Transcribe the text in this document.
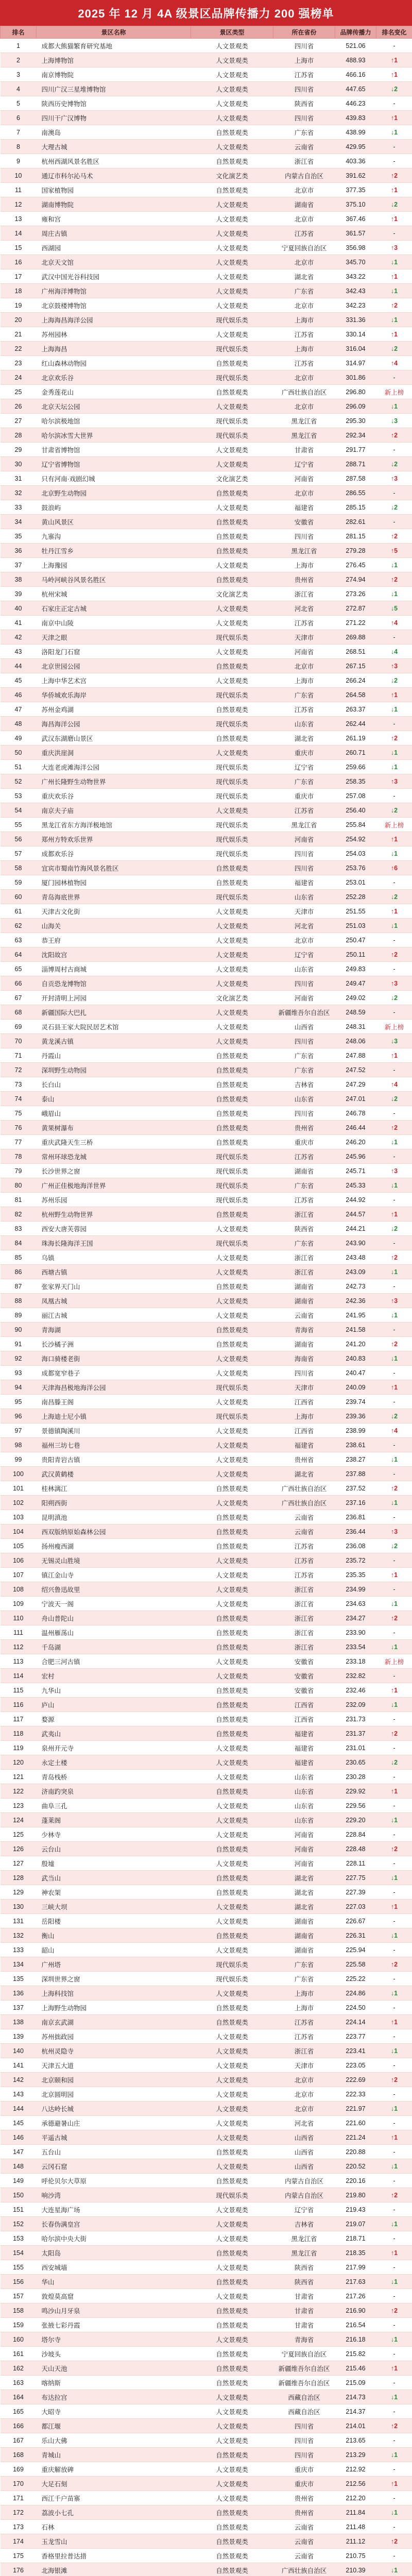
2025 年 12 月 4A 级景区品牌传播力 200 强榜单
排名	景区名称	景区类型	所在省份	品牌传播力	排名变化
1	成都大熊猫繁育研究基地	人文景观类	四川省	521.06	-
2	上海博物馆	人文景观类	上海市	488.93	↑1
3	南京博物院	人文景观类	江苏省	466.16	↑1
4	四川广汉三星堆博物馆	人文景观类	四川省	447.65	↓2
5	陕西历史博物馆	人文景观类	陕西省	446.23	-
6	四川干广汉博物	人文景观类	四川省	439.83	↑1
7	南澳岛	自然景观类	广东省	438.99	↓1
8	大理古城	人文景观类	云南省	429.95	-
9	杭州西湖风景名胜区	自然景观类	浙江省	403.36	-
10	通辽市科尔沁马术	文化演艺类	内蒙古自治区	391.62	↑2
11	国家植物园	自然景观类	北京市	377.35	↑1
12	湖南博物院	人文景观类	湖南省	375.10	↓2
13	雍和宫	人文景观类	北京市	367.46	↑1
14	周庄古镇	人文景观类	江苏省	361.57	-
15	西湖园	人文景观类	宁夏回族自治区	356.98	↑3
16	北京天文馆	人文景观类	北京市	345.70	↓1
17	武汉中国光谷科技园	人文景观类	湖北省	343.22	↑1
18	广州海洋博物馆	人文景观类	广东省	342.43	↓1
19	北京鼓楼博物馆	人文景观类	北京市	342.23	↑2
20	上海海昌海洋公园	现代娱乐类	上海市	331.36	↓1
21	苏州园林	人文景观类	江苏省	330.14	↑1
22	上海海昌	现代娱乐类	上海市	316.04	↓2
23	红山森林动物园	自然景观类	江苏省	314.97	↑4
24	北京欢乐谷	现代娱乐类	北京市	301.86	-
25	金秀莲花山	自然景观类	广西壮族自治区	296.80	新上榜
26	北京天坛公园	人文景观类	北京市	296.09	↓1
27	哈尔滨极地馆	现代娱乐类	黑龙江省	295.30	↓3
28	哈尔滨冰雪大世界	现代娱乐类	黑龙江省	292.34	↑2
29	甘肃省博物馆	人文景观类	甘肃省	291.77	-
30	辽宁省博物馆	人文景观类	辽宁省	288.71	↓2
31	只有河南·戏剧幻城	文化演艺类	河南省	287.58	↑3
32	北京野生动物园	自然景观类	北京市	286.55	-
33	鼓浪屿	人文景观类	福建省	285.15	↓2
34	黄山风景区	自然景观类	安徽省	282.61	-
35	九寨沟	自然景观类	四川省	281.15	↑2
36	牡丹江雪乡	自然景观类	黑龙江省	279.28	↑5
37	上海豫园	人文景观类	上海市	276.45	↓1
38	马岭河峡谷风景名胜区	自然景观类	贵州省	274.94	↑2
39	杭州宋城	文化演艺类	浙江省	273.26	↓1
40	石家庄正定古城	人文景观类	河北省	272.87	↓5
41	南京中山陵	人文景观类	江苏省	271.22	↑4
42	天津之眼	现代娱乐类	天津市	269.88	-
43	洛阳龙门石窟	人文景观类	河南省	268.51	↓4
44	北京世园公园	自然景观类	北京市	267.15	↑3
45	上海中华艺术宫	人文景观类	上海市	266.24	↓2
46	华侨城欢乐海岸	现代娱乐类	广东省	264.58	↑1
47	苏州金鸡湖	自然景观类	江苏省	263.37	↓1
48	海昌海洋公园	现代娱乐类	山东省	262.44	-
49	武汉东湖磨山景区	自然景观类	湖北省	261.19	↑2
50	重庆洪崖洞	人文景观类	重庆市	260.71	↓1
51	大连老虎滩海洋公园	现代娱乐类	辽宁省	259.66	↓1
52	广州长隆野生动物世界	现代娱乐类	广东省	258.35	↑3
53	重庆欢乐谷	现代娱乐类	重庆市	257.08	-
54	南京夫子庙	人文景观类	江苏省	256.40	↓2
55	黑龙江省东方海洋极地馆	现代娱乐类	黑龙江省	255.84	新上榜
56	郑州方特欢乐世界	现代娱乐类	河南省	254.92	↑1
57	成都欢乐谷	现代娱乐类	四川省	254.03	↓1
58	宜宾市蜀南竹海风景名胜区	自然景观类	四川省	253.76	↑6
59	厦门园林植物园	自然景观类	福建省	253.01	-
60	青岛海底世界	现代娱乐类	山东省	252.28	↓2
61	天津古文化街	人文景观类	天津市	251.55	↑1
62	山海关	人文景观类	河北省	251.03	↓1
63	恭王府	人文景观类	北京市	250.47	-
64	沈阳故宫	人文景观类	辽宁省	250.11	↑2
65	淄博周村古商城	人文景观类	山东省	249.83	-
66	自贡恐龙博物馆	人文景观类	四川省	249.47	↑3
67	开封清明上河园	文化演艺类	河南省	249.02	↓2
68	新疆国际大巴扎	人文景观类	新疆维吾尔自治区	248.59	-
69	灵石县王家大院民居艺术馆	人文景观类	山西省	248.31	新上榜
70	黄龙溪古镇	人文景观类	四川省	248.06	↓3
71	丹霞山	自然景观类	广东省	247.88	↑1
72	深圳野生动物园	自然景观类	广东省	247.52	-
73	长白山	自然景观类	吉林省	247.29	↑4
74	泰山	自然景观类	山东省	247.01	↓2
75	峨眉山	自然景观类	四川省	246.78	-
76	黄果树瀑布	自然景观类	贵州省	246.44	↑2
77	重庆武隆天生三桥	自然景观类	重庆市	246.20	↓1
78	常州环球恐龙城	现代娱乐类	江苏省	245.96	-
79	长沙世界之窗	现代娱乐类	湖南省	245.71	↑3
80	广州正佳极地海洋世界	现代娱乐类	广东省	245.33	↓1
81	苏州乐园	现代娱乐类	江苏省	244.92	-
82	杭州野生动物世界	自然景观类	浙江省	244.57	↑1
83	西安大唐芙蓉园	人文景观类	陕西省	244.21	↓2
84	珠海长隆海洋王国	现代娱乐类	广东省	243.90	-
85	乌镇	人文景观类	浙江省	243.48	↑2
86	西塘古镇	人文景观类	浙江省	243.09	↓1
87	张家界天门山	自然景观类	湖南省	242.73	-
88	凤凰古城	人文景观类	湖南省	242.36	↑3
89	丽江古城	人文景观类	云南省	241.95	↓1
90	青海湖	自然景观类	青海省	241.58	-
91	长沙橘子洲	自然景观类	湖南省	241.20	↑2
92	海口骑楼老街	人文景观类	海南省	240.83	↓1
93	成都宽窄巷子	人文景观类	四川省	240.47	-
94	天津海昌极地海洋公园	现代娱乐类	天津市	240.09	↑1
95	南昌滕王阁	人文景观类	江西省	239.74	-
96	上海迪士尼小镇	现代娱乐类	上海市	239.36	↓2
97	景德镇陶溪川	人文景观类	江西省	238.99	↑4
98	福州三坊七巷	人文景观类	福建省	238.61	-
99	贵阳青岩古镇	人文景观类	贵州省	238.27	↓1
100	武汉黄鹤楼	人文景观类	湖北省	237.88	-
101	桂林漓江	自然景观类	广西壮族自治区	237.52	↑2
102	阳朔西街	人文景观类	广西壮族自治区	237.16	↓1
103	昆明滇池	自然景观类	云南省	236.81	-
104	西双版纳原始森林公园	自然景观类	云南省	236.44	↑3
105	扬州瘦西湖	自然景观类	江苏省	236.08	↓2
106	无锡灵山胜境	人文景观类	江苏省	235.72	-
107	镇江金山寺	人文景观类	江苏省	235.35	↑1
108	绍兴鲁迅故里	人文景观类	浙江省	234.99	-
109	宁波天一阁	人文景观类	浙江省	234.63	↓1
110	舟山普陀山	自然景观类	浙江省	234.27	↑2
111	温州雁荡山	自然景观类	浙江省	233.90	-
112	千岛湖	自然景观类	浙江省	233.54	↓1
113	合肥三河古镇	人文景观类	安徽省	233.18	新上榜
114	宏村	人文景观类	安徽省	232.82	-
115	九华山	自然景观类	安徽省	232.46	↑1
116	庐山	自然景观类	江西省	232.09	↓1
117	婺源	自然景观类	江西省	231.73	-
118	武夷山	自然景观类	福建省	231.37	↑2
119	泉州开元寺	人文景观类	福建省	231.01	-
120	永定土楼	人文景观类	福建省	230.65	↓2
121	青岛栈桥	人文景观类	山东省	230.28	-
122	济南趵突泉	自然景观类	山东省	229.92	↑1
123	曲阜三孔	人文景观类	山东省	229.56	-
124	蓬莱阁	人文景观类	山东省	229.20	↓1
125	少林寺	人文景观类	河南省	228.84	-
126	云台山	自然景观类	河南省	228.48	↑2
127	殷墟	人文景观类	河南省	228.11	-
128	武当山	自然景观类	湖北省	227.75	↓1
129	神农架	自然景观类	湖北省	227.39	-
130	三峡大坝	人文景观类	湖北省	227.03	↑1
131	岳阳楼	人文景观类	湖南省	226.67	-
132	衡山	自然景观类	湖南省	226.31	↓1
133	韶山	人文景观类	湖南省	225.94	-
134	广州塔	现代娱乐类	广东省	225.58	↑2
135	深圳世界之窗	现代娱乐类	广东省	225.22	-
136	上海科技馆	人文景观类	上海市	224.86	↓1
137	上海野生动物园	自然景观类	上海市	224.50	-
138	南京玄武湖	自然景观类	江苏省	224.14	↑1
139	苏州拙政园	人文景观类	江苏省	223.77	-
140	杭州灵隐寺	人文景观类	浙江省	223.41	↓1
141	天津五大道	人文景观类	天津市	223.05	-
142	北京颐和园	人文景观类	北京市	222.69	↑2
143	北京圆明园	人文景观类	北京市	222.33	-
144	八达岭长城	人文景观类	北京市	221.97	↓1
145	承德避暑山庄	人文景观类	河北省	221.60	-
146	平遥古城	人文景观类	山西省	221.24	↑1
147	五台山	自然景观类	山西省	220.88	-
148	云冈石窟	人文景观类	山西省	220.52	↓1
149	呼伦贝尔大草原	自然景观类	内蒙古自治区	220.16	-
150	响沙湾	现代娱乐类	内蒙古自治区	219.80	↑2
151	大连星海广场	人文景观类	辽宁省	219.43	-
152	长春伪满皇宫	人文景观类	吉林省	219.07	↓1
153	哈尔滨中央大街	人文景观类	黑龙江省	218.71	-
154	太阳岛	自然景观类	黑龙江省	218.35	↑1
155	西安城墙	人文景观类	陕西省	217.99	-
156	华山	自然景观类	陕西省	217.63	↓1
157	敦煌莫高窟	人文景观类	甘肃省	217.26	-
158	鸣沙山月牙泉	自然景观类	甘肃省	216.90	↑2
159	张掖七彩丹霞	自然景观类	甘肃省	216.54	-
160	塔尔寺	人文景观类	青海省	216.18	↓1
161	沙坡头	自然景观类	宁夏回族自治区	215.82	-
162	天山天池	自然景观类	新疆维吾尔自治区	215.46	↑1
163	喀纳斯	自然景观类	新疆维吾尔自治区	215.09	-
164	布达拉宫	人文景观类	西藏自治区	214.73	↓1
165	大昭寺	人文景观类	西藏自治区	214.37	-
166	都江堰	人文景观类	四川省	214.01	↑2
167	乐山大佛	人文景观类	四川省	213.65	-
168	青城山	自然景观类	四川省	213.29	↓1
169	重庆解放碑	人文景观类	重庆市	212.92	-
170	大足石刻	人文景观类	重庆市	212.56	↑1
171	西江千户苗寨	人文景观类	贵州省	212.20	-
172	荔波小七孔	自然景观类	贵州省	211.84	↓1
173	石林	自然景观类	云南省	211.48	-
174	玉龙雪山	自然景观类	云南省	211.12	↑2
175	香格里拉普达措	自然景观类	云南省	210.75	-
176	北海银滩	自然景观类	广西壮族自治区	210.39	↓1
